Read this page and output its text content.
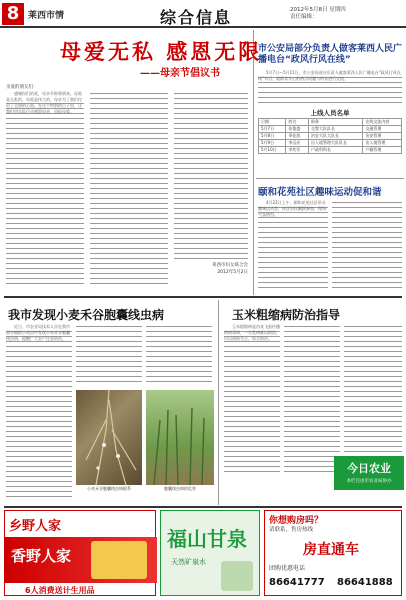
8 莱西市情	综合信息	2012年5月8日 星期四
责任编辑：
母爱无私 感恩无限
——母亲节倡议书
亲爱的朋友们：
感谢你们的爱，母亲节即将到来。母爱是无私的，母爱是伟大的，母亲为了我们付出了全部的心血。在这个特别的日子里，让我们用实际行动感恩母亲，回报母爱。
莱西市妇女联合会
2012年5月2日
市公安局部分负责人做客莱西人民广播电台“政风行风在线”
5月7日—5月11日，市公安局部分负责人做客莱西人民广播电台“政风行风在线”节目，就群众关心的热点问题与听众进行交流。
上线人员名单
日期	姓名	职务	在线交流内容
5月7日	张俊盛	交警大队队长	交通管理
5月8日	季佳凯	治安大队大队长	治安管理
5月9日	李远庆	出入境管理大队队长	出入境管理
5月10日	李兆军	户政科科长	户籍管理
颐和花苑社区趣味运动促和谐
4月22日上午，颐和花苑社区举办趣味运动会，社区居民踊跃参加，现场气氛热烈。
我市发现小麦禾谷胞囊线虫病
近日，市农业局技术人员在我市部分镇街小麦田中发现小麦禾谷胞囊线虫病，提醒广大农户注意防治。
小麦禾谷胞囊线虫病根系	胞囊线虫病的危害
玉米粗缩病防治指导
玉米粗缩病是由灰飞虱传播的病毒病，一旦发病难以防治，应以预防为主，综合防治。
今日农业
本栏目由市农业局协办
乡野人家
香野人家
6人消费送计生用品
福山甘泉
天然矿泉水
你想购房吗？
请联系，售房热线
房直通车
团购优惠电话
86641777 86641888
